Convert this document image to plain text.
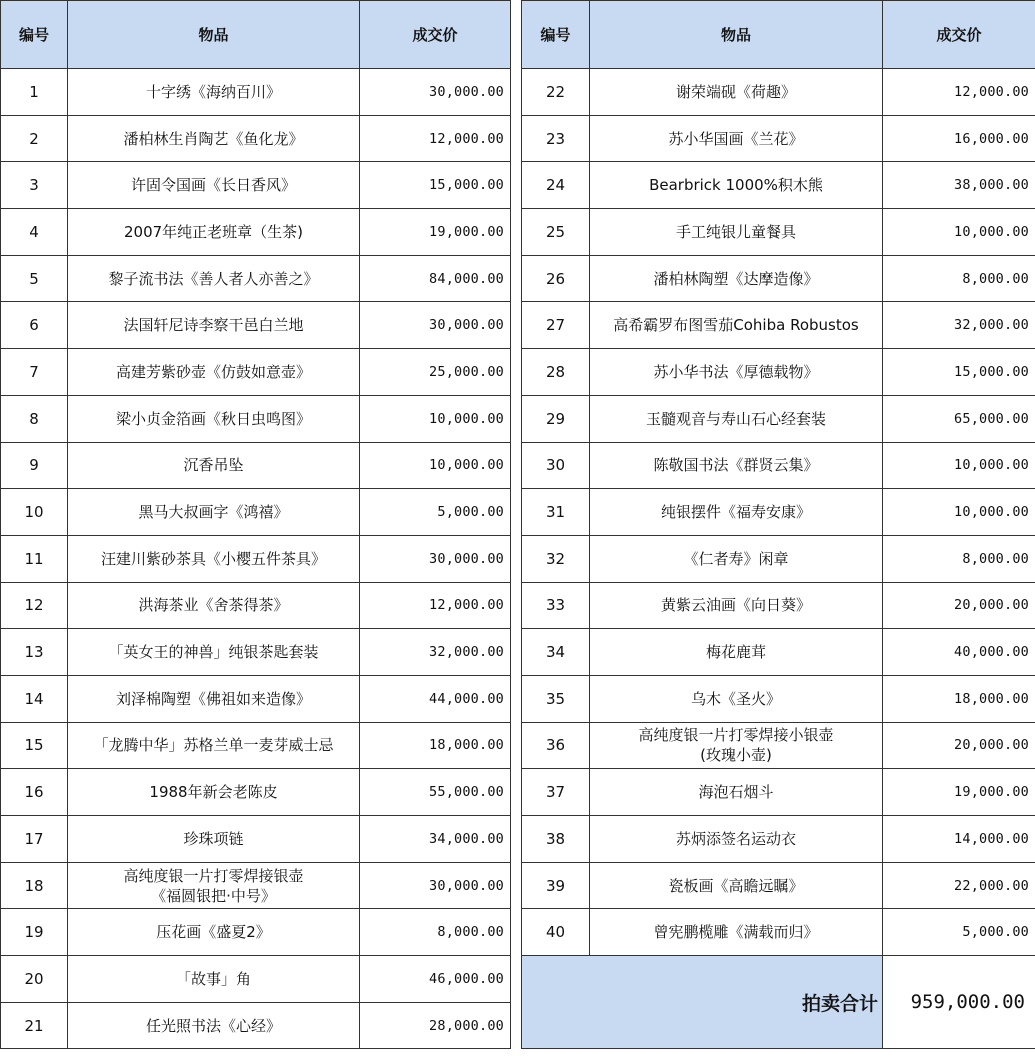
编号	物品	成交价
1	十字绣《海纳百川》	30,000.00
2	潘柏林生肖陶艺《鱼化龙》	12,000.00
3	许固令国画《长日香风》	15,000.00
4	2007年纯正老班章（生茶)	19,000.00
5	黎子流书法《善人者人亦善之》	84,000.00
6	法国轩尼诗李察干邑白兰地	30,000.00
7	高建芳紫砂壶《仿鼓如意壶》	25,000.00
8	梁小贞金箔画《秋日虫鸣图》	10,000.00
9	沉香吊坠	10,000.00
10	黑马大叔画字《鸿禧》	5,000.00
11	汪建川紫砂茶具《小樱五件茶具》	30,000.00
12	洪海茶业《舍茶得茶》	12,000.00
13	「英女王的神兽」纯银茶匙套装	32,000.00
14	刘泽棉陶塑《佛祖如来造像》	44,000.00
15	「龙腾中华」苏格兰单一麦芽威士忌	18,000.00
16	1988年新会老陈皮	55,000.00
17	珍珠项链	34,000.00
18	高纯度银一片打零焊接银壶
《福圆银把·中号》	30,000.00
19	压花画《盛夏2》	8,000.00
20	「故事」角	46,000.00
21	任光照书法《心经》	28,000.00
编号	物品	成交价
22	谢荣端砚《荷趣》	12,000.00
23	苏小华国画《兰花》	16,000.00
24	Bearbrick 1000%积木熊	38,000.00
25	手工纯银儿童餐具	10,000.00
26	潘柏林陶塑《达摩造像》	8,000.00
27	高希霸罗布图雪茄Cohiba Robustos	32,000.00
28	苏小华书法《厚德载物》	15,000.00
29	玉髓观音与寿山石心经套装	65,000.00
30	陈敬国书法《群贤云集》	10,000.00
31	纯银摆件《福寿安康》	10,000.00
32	《仁者寿》闲章	8,000.00
33	黄紫云油画《向日葵》	20,000.00
34	梅花鹿茸	40,000.00
35	乌木《圣火》	18,000.00
36	高纯度银一片打零焊接小银壶
(玫瑰小壶)	20,000.00
37	海泡石烟斗	19,000.00
38	苏炳添签名运动衣	14,000.00
39	瓷板画《高瞻远瞩》	22,000.00
40	曾宪鹏榄雕《满载而归》	5,000.00
	拍卖合计	959,000.00
